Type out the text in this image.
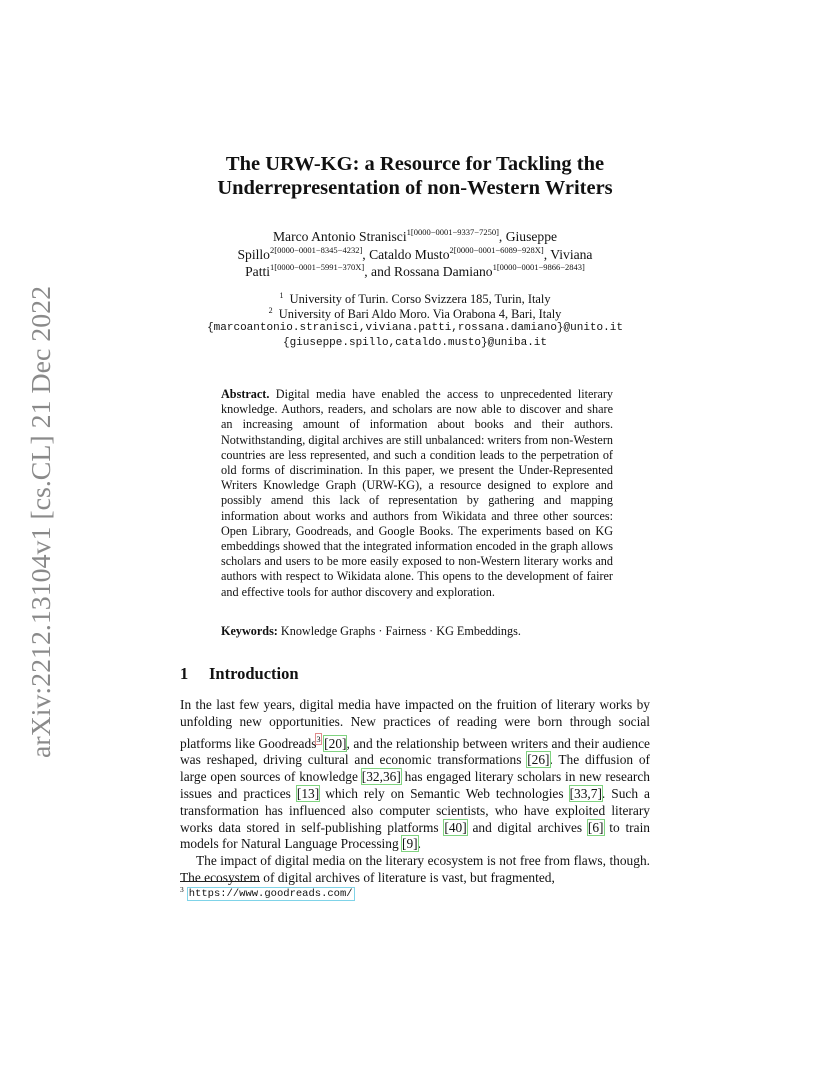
arXiv:2212.13104v1 [cs.CL] 21 Dec 2022
The URW-KG: a Resource for Tackling the
Underrepresentation of non-Western Writers
Marco Antonio Stranisci$^{1[0000-0001-9337-7250]}$, Giuseppe
Spillo$^{2[0000-0001-8345-4232]}$, Cataldo Musto$^{2[0000-0001-6089-928X]}$, Viviana
Patti$^{1[0000-0001-5991-370X]}$, and Rossana Damiano$^{1[0000-0001-9866-2843]}$
$^1$ University of Turin. Corso Svizzera 185, Turin, Italy
$^2$ University of Bari Aldo Moro. Via Orabona 4, Bari, Italy
{marcoantonio.stranisci,viviana.patti,rossana.damiano}@unito.it
{giuseppe.spillo,cataldo.musto}@uniba.it
Abstract. Digital media have enabled the access to unprecedented literary knowledge. Authors, readers, and scholars are now able to discover and share an increasing amount of information about books and their authors. Notwithstanding, digital archives are still unbalanced: writers from non-Western countries are less represented, and such a condition leads to the perpetration of old forms of discrimination. In this paper, we present the Under-Represented Writers Knowledge Graph (URW-KG), a resource designed to explore and possibly amend this lack of representation by gathering and mapping information about works and authors from Wikidata and three other sources: Open Library, Goodreads, and Google Books. The experiments based on KG embeddings showed that the integrated information encoded in the graph allows scholars and users to be more easily exposed to non-Western literary works and authors with respect to Wikidata alone. This opens to the development of fairer and effective tools for author discovery and exploration.
Keywords: Knowledge Graphs · Fairness · KG Embeddings.
1 Introduction

In the last few years, digital media have impacted on the fruition of literary works by unfolding new opportunities. New practices of reading were born through social platforms like Goodreads$^3$ [20], and the relationship between writers and their audience was reshaped, driving cultural and economic transformations [26]. The diffusion of large open sources of knowledge [32,36] has engaged literary scholars in new research issues and practices [13] which rely on Semantic Web technologies [33,7]. Such a transformation has influenced also computer scientists, who have exploited literary works data stored in self-publishing platforms [40] and digital archives [6] to train models for Natural Language Processing [9].

The impact of digital media on the literary ecosystem is not free from flaws, though. The ecosystem of digital archives of literature is vast, but fragmented,

$^3$ https://www.goodreads.com/
